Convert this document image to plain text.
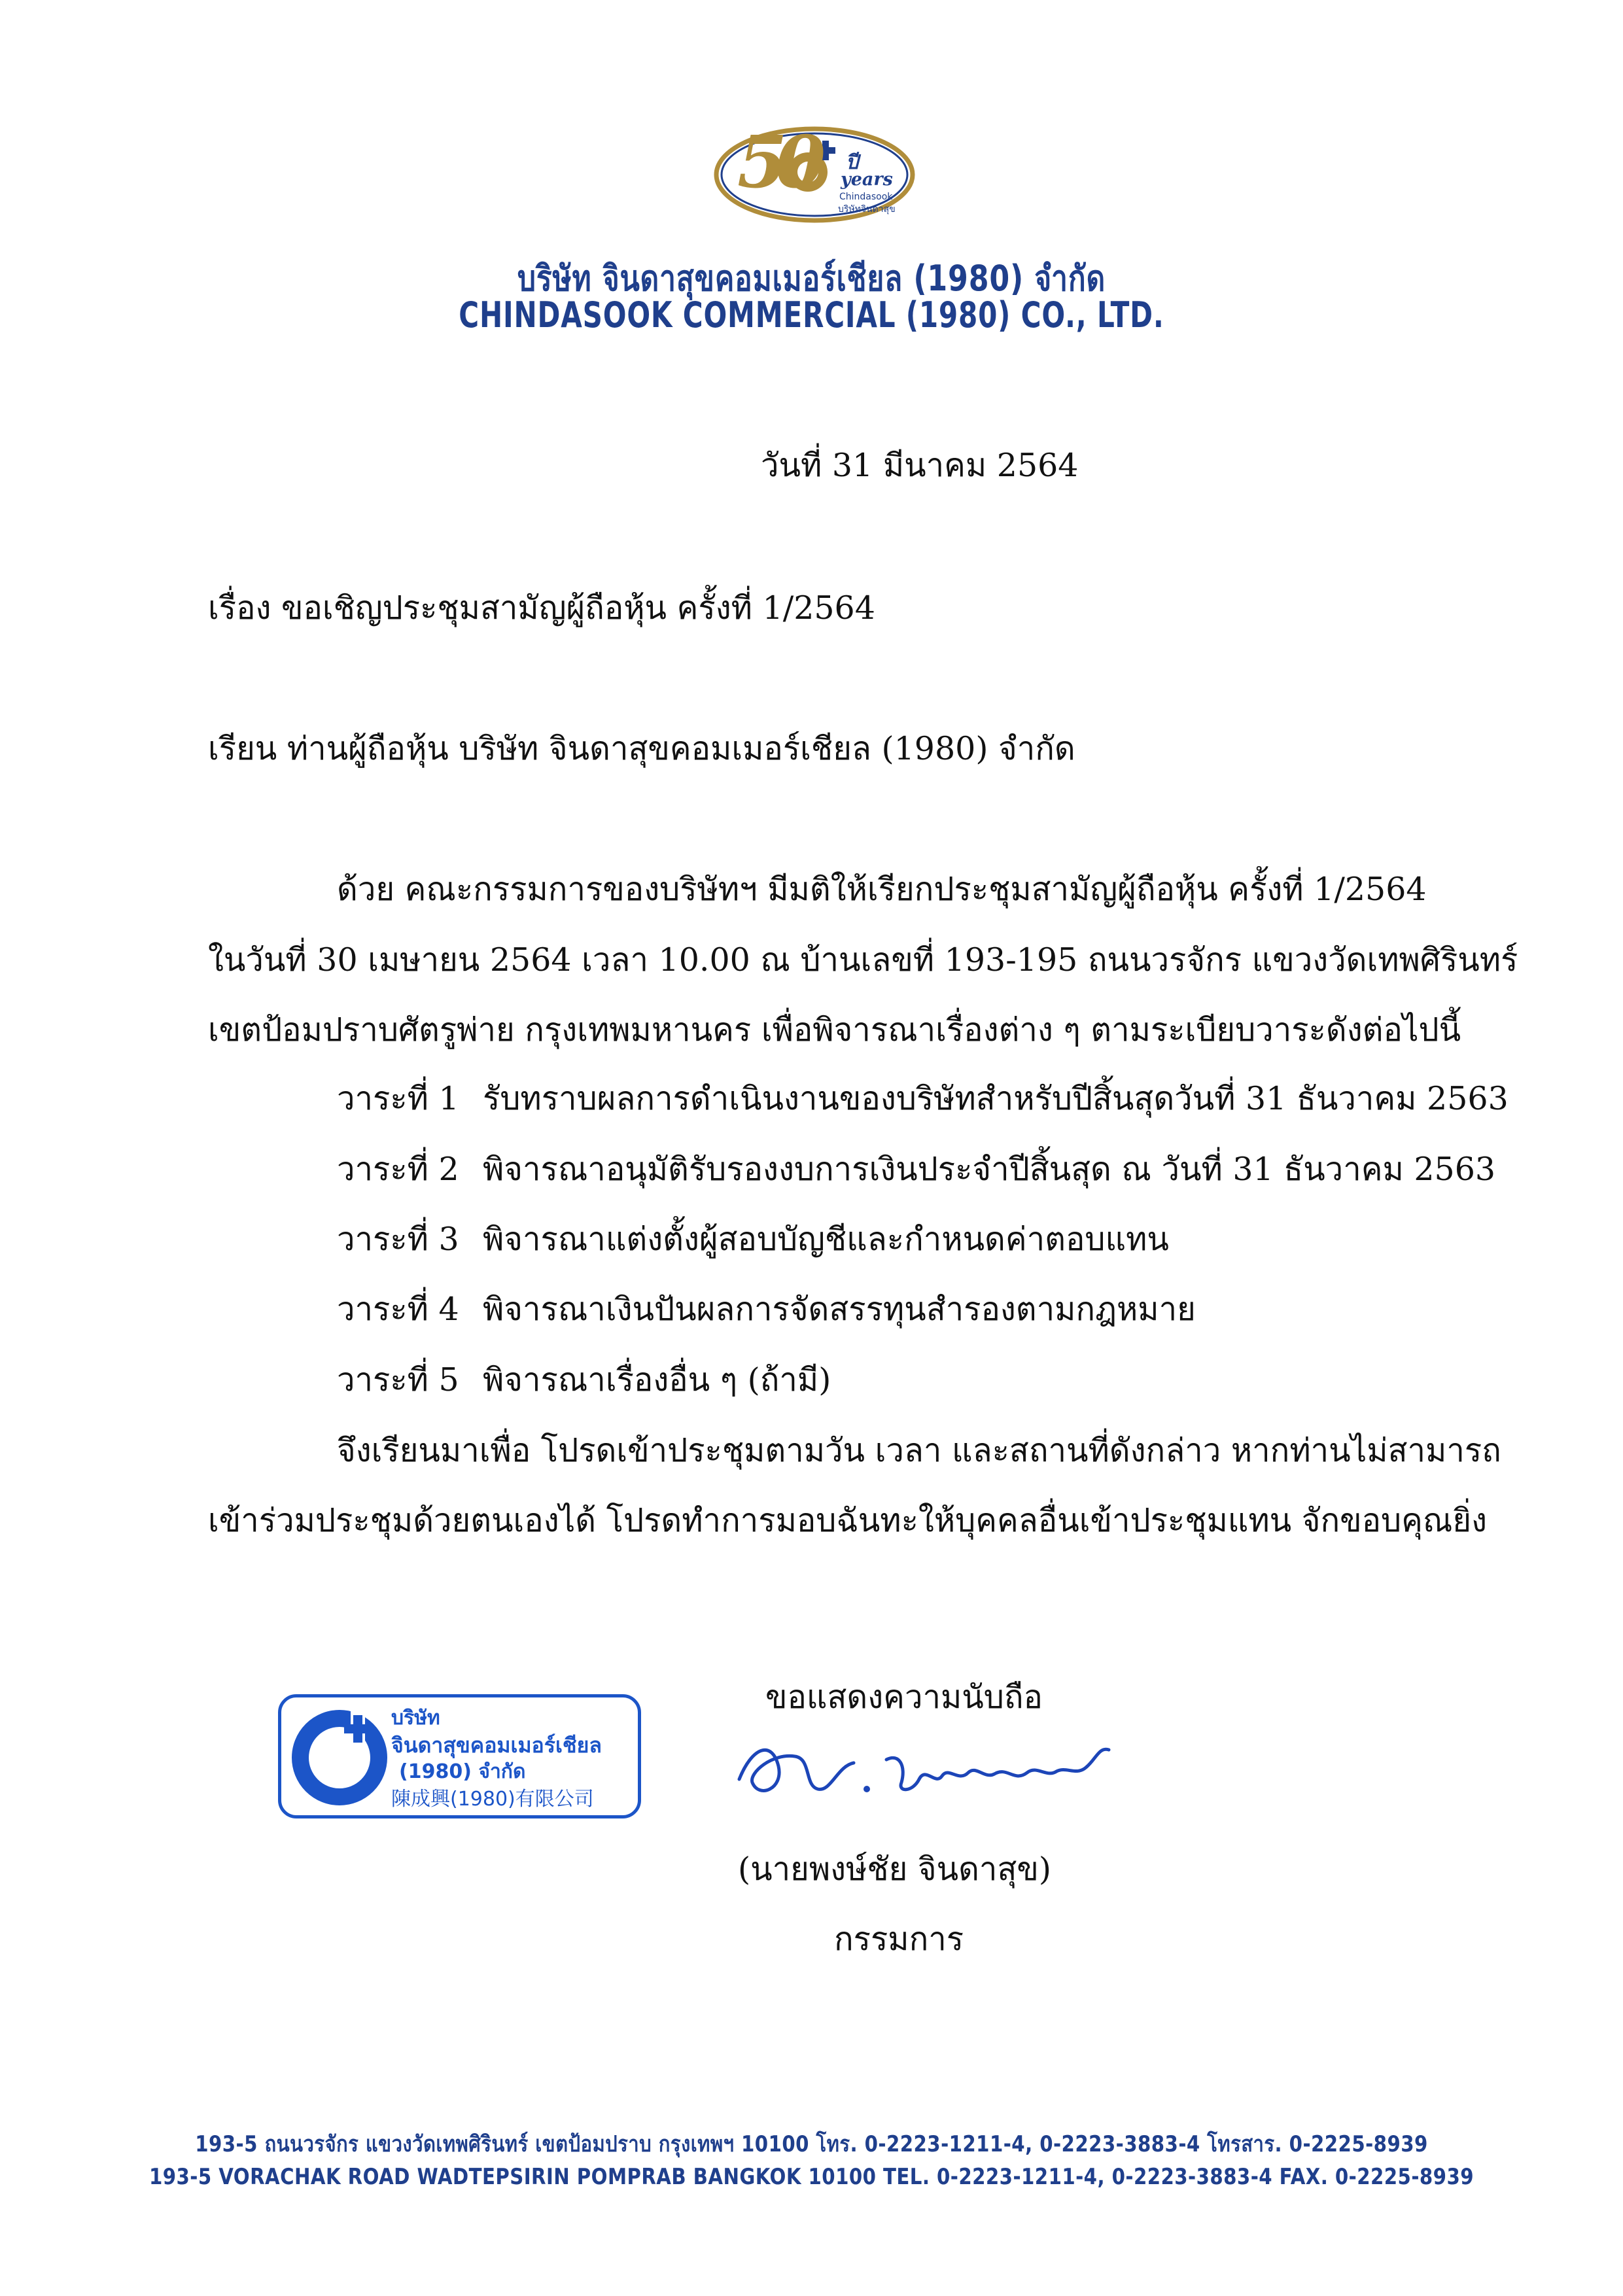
50 ปี
years
Chindasook
บริษัทจินดาสุข
บริษัท จินดาสุขคอมเมอร์เชียล (1980) จำกัด
CHINDASOOK COMMERCIAL (1980) CO., LTD.
วันที่ 31 มีนาคม 2564
เรื่อง ขอเชิญประชุมสามัญผู้ถือหุ้น ครั้งที่ 1/2564
เรียน ท่านผู้ถือหุ้น บริษัท จินดาสุขคอมเมอร์เชียล (1980) จำกัด
ด้วย คณะกรรมการของบริษัทฯ มีมติให้เรียกประชุมสามัญผู้ถือหุ้น ครั้งที่ 1/2564
ในวันที่ 30 เมษายน 2564 เวลา 10.00 ณ บ้านเลขที่ 193-195 ถนนวรจักร แขวงวัดเทพศิรินทร์
เขตป้อมปราบศัตรูพ่าย กรุงเทพมหานคร เพื่อพิจารณาเรื่องต่าง ๆ ตามระเบียบวาระดังต่อไปนี้
วาระที่ 1 รับทราบผลการดำเนินงานของบริษัทสำหรับปีสิ้นสุดวันที่ 31 ธันวาคม 2563
วาระที่ 2 พิจารณาอนุมัติรับรองงบการเงินประจำปีสิ้นสุด ณ วันที่ 31 ธันวาคม 2563
วาระที่ 3 พิจารณาแต่งตั้งผู้สอบบัญชีและกำหนดค่าตอบแทน
วาระที่ 4 พิจารณาเงินปันผลการจัดสรรทุนสำรองตามกฎหมาย
วาระที่ 5 พิจารณาเรื่องอื่น ๆ (ถ้ามี)
จึงเรียนมาเพื่อ โปรดเข้าประชุมตามวัน เวลา และสถานที่ดังกล่าว หากท่านไม่สามารถ
เข้าร่วมประชุมด้วยตนเองได้ โปรดทำการมอบฉันทะให้บุคคลอื่นเข้าประชุมแทน จักขอบคุณยิ่ง
ขอแสดงความนับถือ
(นายพงษ์ชัย จินดาสุข)
กรรมการ
บริษัท
จินดาสุขคอมเมอร์เชียล
(1980) จำกัด
陳成興(1980)有限公司
193-5 ถนนวรจักร แขวงวัดเทพศิรินทร์ เขตป้อมปราบ กรุงเทพฯ 10100 โทร. 0-2223-1211-4, 0-2223-3883-4 โทรสาร. 0-2225-8939
193-5 VORACHAK ROAD WADTEPSIRIN POMPRAB BANGKOK 10100 TEL. 0-2223-1211-4, 0-2223-3883-4 FAX. 0-2225-8939
